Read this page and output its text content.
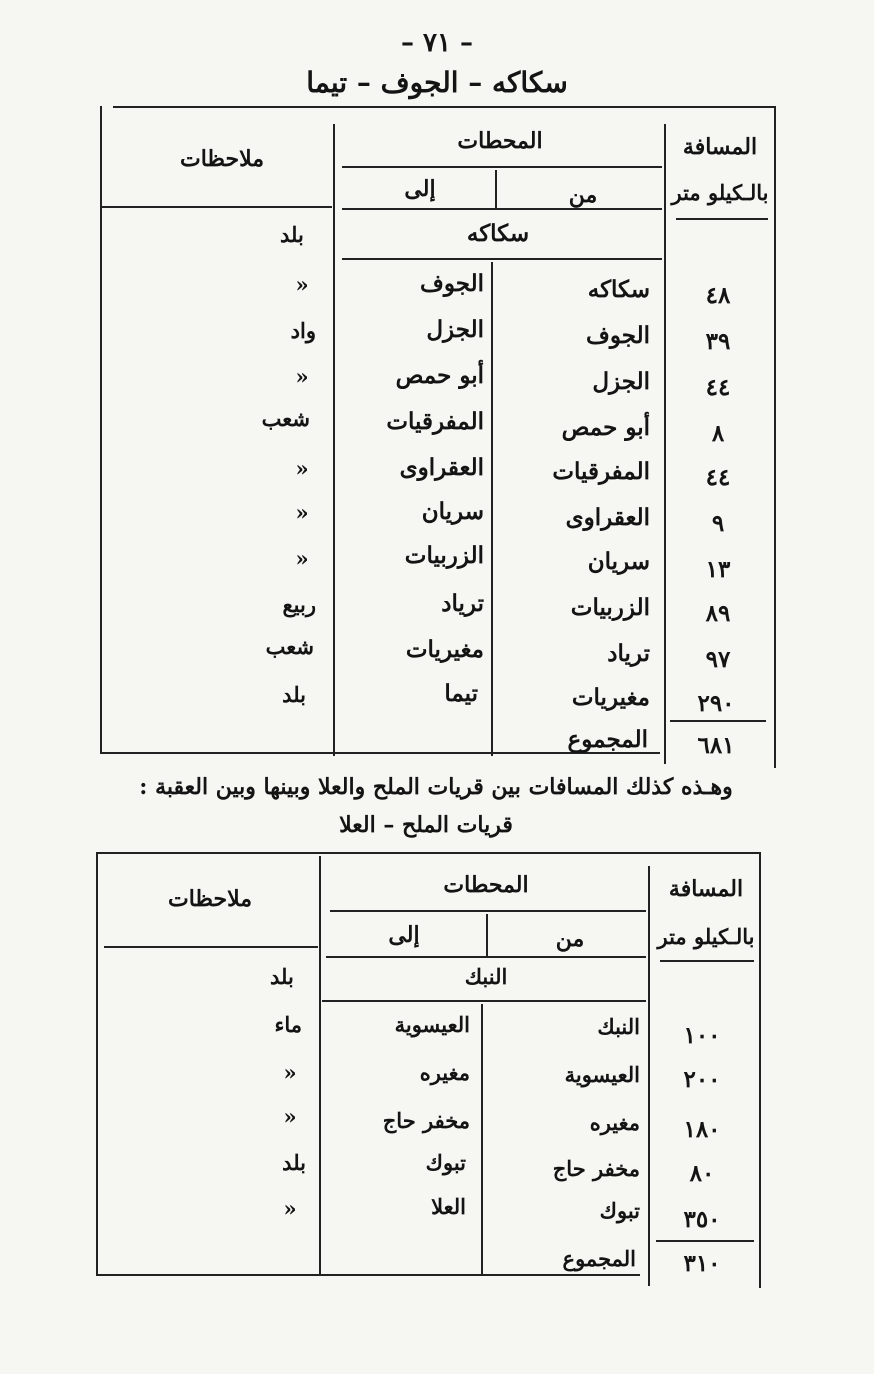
– ٧١ –
سكاكه – الجوف – تيما
المسافة
بالـكيلو متر
المحطات
من
إلى
ملاحظات
سكاكه
بلد
٤٨
سكاكه
الجوف
«
٣٩
الجوف
الجزل
واد
٤٤
الجزل
أبو حمص
«
٨
أبو حمص
المفرقيات
شعب
٤٤
المفرقيات
العقراوى
«
٩
العقراوى
سريان
«
١٣
سريان
الزربيات
«
٨٩
الزربيات
ترياد
ربيع
٩٧
ترياد
مغيريات
شعب
٢٩٠
مغيريات
تيما
بلد
المجموع ٦٨١
وهـذه كذلك المسافات بين قريات الملح والعلا وبينها وبين العقبة :
قريات الملح – العلا
المسافة
بالـكيلو متر
المحطات
من
إلى
ملاحظات
النبك
بلد
١٠٠
النبك
العيسوية
ماء
٢٠٠
العيسوية
مغيره
«
١٨٠
مغيره
مخفر حاج
«
٨٠
مخفر حاج
تبوك
بلد
٣٥٠
تبوك
العلا
«
المجموع ٣١٠
